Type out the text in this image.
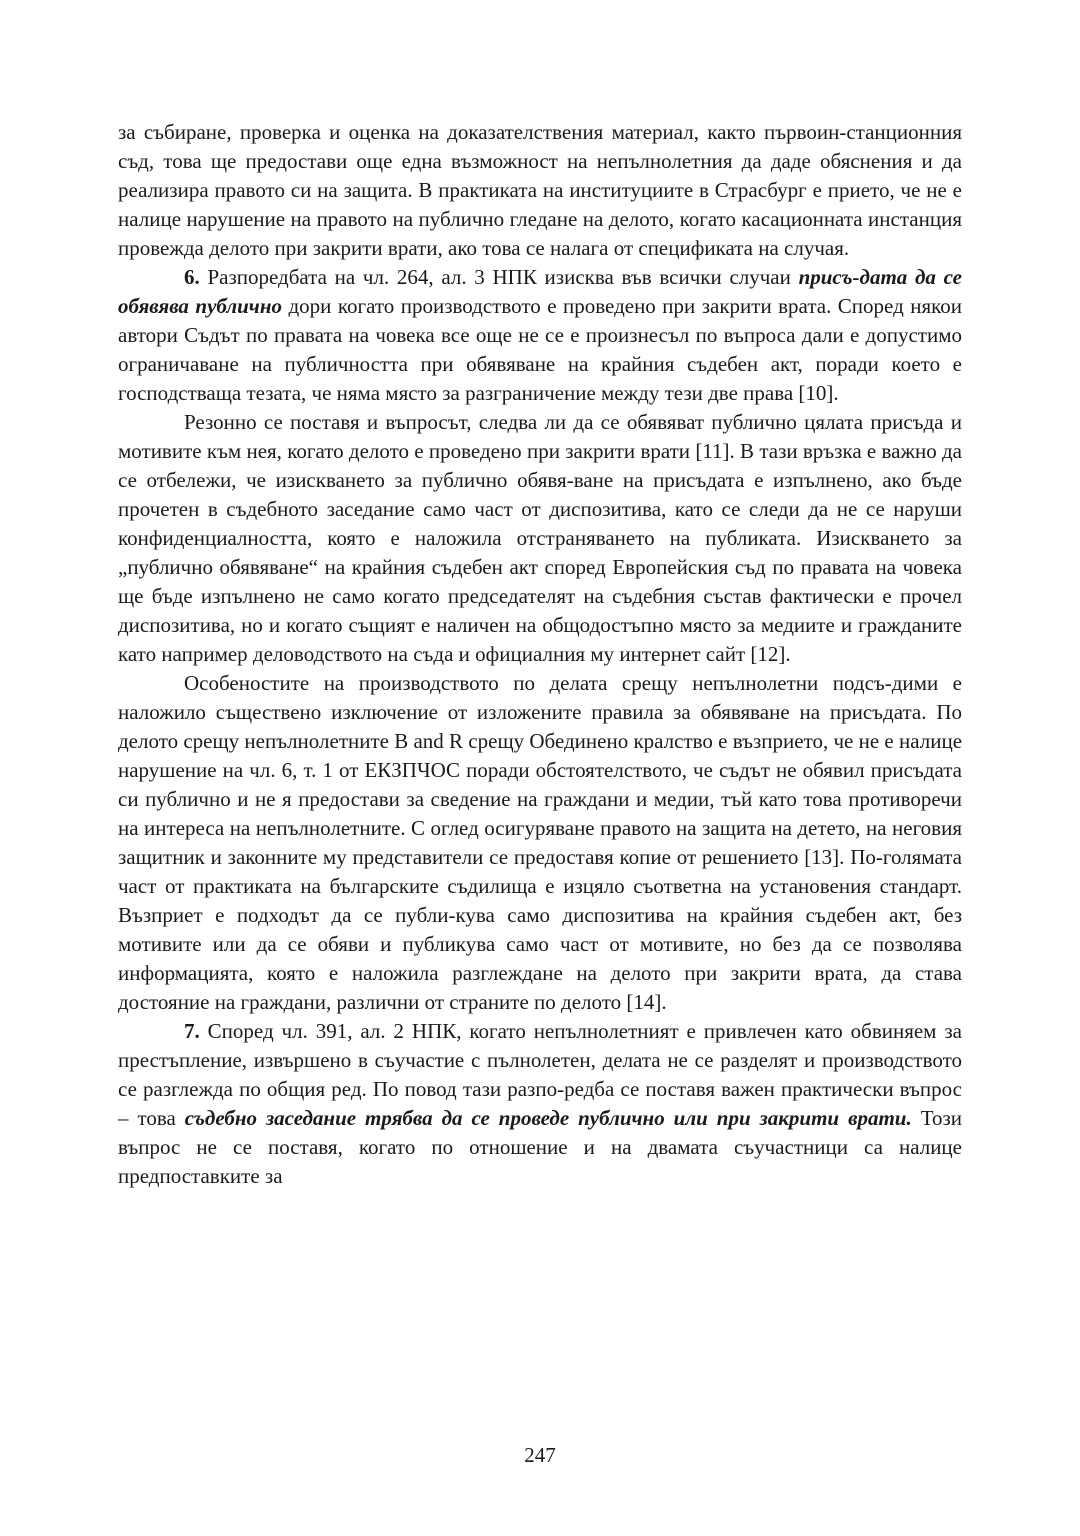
за събиране, проверка и оценка на доказателствения материал, както първоин-станционния съд, това ще предостави още една възможност на непълнолетния да даде обяснения и да реализира правото си на защита. В практиката на институциите в Страсбург е прието, че не е налице нарушение на правото на публично гледане на делото, когато касационната инстанция провежда делото при закрити врати, ако това се налага от спецификата на случая.

6. Разпоредбата на чл. 264, ал. 3 НПК изисква във всички случаи присъ-дата да се обявява публично дори когато производството е проведено при закрити врата. Според някои автори Съдът по правата на човека все още не се е произнесъл по въпроса дали е допустимо ограничаване на публичността при обявяване на крайния съдебен акт, поради което е господстваща тезата, че няма място за разграничение между тези две права [10].

Резонно се поставя и въпросът, следва ли да се обявяват публично цялата присъда и мотивите към нея, когато делото е проведено при закрити врати [11]. В тази връзка е важно да се отбележи, че изискването за публично обявя-ване на присъдата е изпълнено, ако бъде прочетен в съдебното заседание само част от диспозитива, като се следи да не се наруши конфиденциалността, която е наложила отстраняването на публиката. Изискването за „публично обявяване“ на крайния съдебен акт според Европейския съд по правата на човека ще бъде изпълнено не само когато председателят на съдебния състав фактически е прочел диспозитива, но и когато същият е наличен на общодостъпно място за медиите и гражданите като например деловодството на съда и официалния му интернет сайт [12].

Особеностите на производството по делата срещу непълнолетни подсъ-дими е наложило съществено изключение от изложените правила за обявяване на присъдата. По делото срещу непълнолетните В and R срещу Обединено кралство е възприето, че не е налице нарушение на чл. 6, т. 1 от ЕКЗПЧОС поради обстоятелството, че съдът не обявил присъдата си публично и не я предостави за сведение на граждани и медии, тъй като това противоречи на интереса на непълнолетните. С оглед осигуряване правото на защита на детето, на неговия защитник и законните му представители се предоставя копие от решението [13]. По-голямата част от практиката на българските съдилища е изцяло съответна на установения стандарт. Възприет е подходът да се публи-кува само диспозитива на крайния съдебен акт, без мотивите или да се обяви и публикува само част от мотивите, но без да се позволява информацията, която е наложила разглеждане на делото при закрити врата, да става достояние на граждани, различни от страните по делото [14].

7. Според чл. 391, ал. 2 НПК, когато непълнолетният е привлечен като обвиняем за престъпление, извършено в съучастие с пълнолетен, делата не се разделят и производството се разглежда по общия ред. По повод тази разпо-редба се поставя важен практически въпрос – това съдебно заседание трябва да се проведе публично или при закрити врати. Този въпрос не се поставя, когато по отношение и на двамата съучастници са налице предпоставките за

247
